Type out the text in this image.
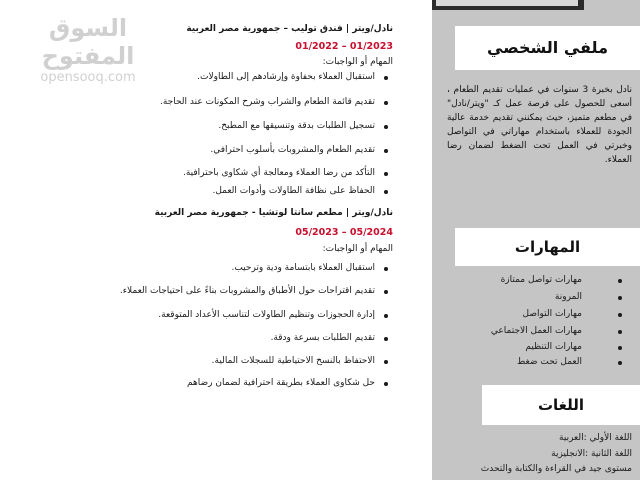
السوق المفتوح
opensooq.com
نادل/ويتر | فندق توليب – جمهورية مصر العربية
01/2023 – 01/2022
المهام أو الواجبات:
استقبال العملاء بحفاوة وإرشادهم إلى الطاولات.
تقديم قائمة الطعام والشراب وشرح المكونات عند الحاجة.
تسجيل الطلبات بدقة وتنسيقها مع المطبخ.
تقديم الطعام والمشروبات بأسلوب احترافي.
التأكد من رضا العملاء ومعالجة أي شكاوى باحترافية.
الحفاظ على نظافة الطاولات وأدوات العمل.
نادل/ويتر | مطعم سانتا لوتشيا - جمهورية مصر العربية
05/2024 – 05/2023
المهام أو الواجبات:
استقبال العملاء بابتسامة ودية وترحيب.
تقديم اقتراحات حول الأطباق والمشروبات بناءً على احتياجات العملاء.
إدارة الحجوزات وتنظيم الطاولات لتناسب الأعداد المتوقعة.
تقديم الطلبات بسرعة ودقة.
الاحتفاظ بالنسخ الاحتياطية للسجلات المالية.
حل شكاوى العملاء بطريقة احترافية لضمان رضاهم
ملفي الشخصي
نادل بخبرة 3 سنوات في عمليات تقديم الطعام ، أسعى للحصول على فرصة عمل كـ "ويتر/نادل" في مطعم متميز، حيث يمكنني تقديم خدمة عالية الجودة للعملاء باستخدام مهاراتي في التواصل وخبرتي في العمل تحت الضغط لضمان رضا العملاء.
المهارات
مهارات تواصل ممتازة
المرونة
مهارات التواصل
مهارات العمل الاجتماعي
مهارات التنظيم
العمل تحت ضغط
اللغات
اللغة الأولي :العربية
اللغة الثانية :الانجليزية
مستوى جيد في القراءة والكتابة والتحدث
